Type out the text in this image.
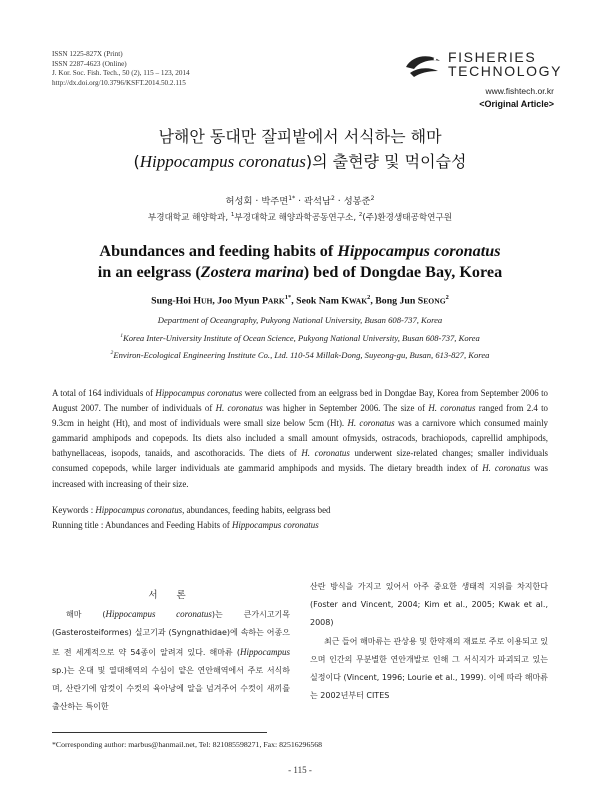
ISSN 1225-827X (Print)
ISSN 2287-4623 (Online)
J. Kor. Soc. Fish. Tech., 50 (2), 115 – 123, 2014
http://dx.doi.org/10.3796/KSFT.2014.50.2.115
FISHERIES
TECHNOLOGY
www.fishtech.or.kr
<Original Article>
남해안 동대만 잘피밭에서 서식하는 해마
(Hippocampus coronatus)의 출현량 및 먹이습성
허성회 · 박주면$^{1*}$ · 곽석남$^2$ · 성봉준$^2$
부경대학교 해양학과, $^1$부경대학교 해양과학공동연구소, $^2$(주)환경생태공학연구원
Abundances and feeding habits of Hippocampus coronatus
in an eelgrass (Zostera marina) bed of Dongdae Bay, Korea
Sung-Hoi HUH, Joo Myun $PARK^{1*}$, Seok Nam KWAK$^2$, Bong Jun SEONG$^2$
Department of Oceangraphy, Pukyong National University, Busan 608-737, Korea
$^1$Korea Inter-University Institute of Ocean Science, Pukyong National University, Busan 608-737, Korea
$^2$Environ-Ecological Engineering Institute Co., Ltd. 110-54 Millak-Dong, Suyeong-gu, Busan, 613-827, Korea
A total of 164 individuals of Hippocampus coronatus were collected from an eelgrass bed in Dongdae Bay, Korea from September 2006 to August 2007. The number of individuals of H. coronatus was higher in September 2006. The size of H. coronatus ranged from 2.4 to 9.3cm in height (Ht), and most of individuals were small size below 5cm (Ht). H. coronatus was a carnivore which consumed mainly gammarid amphipods and copepods. Its diets also included a small amount ofmysids, ostracods, brachiopods, caprellid amphipods, bathynellaceas, isopods, tanaids, and ascothoracids. The diets of H. coronatus underwent size-related changes; smaller individuals consumed copepods, while larger individuals ate gammarid amphipods and mysids. The dietary breadth index of H. coronatus was increased with increasing of their size.
Keywords : Hippocampus coronatus, abundances, feeding habits, eelgrass bed
Running title : Abundances and Feeding Habits of Hippocampus coronatus
서 론
해마 (Hippocampus coronatus)는 큰가시고기목 (Gasterosteiformes) 실고기과 (Syngnathidae)에 속하는 어종으로 전 세계적으로 약 54종이 알려져 있다. 해마류 (Hippocampus sp.)는 온대 및 열대해역의 수심이 얕은 연안해역에서 주로 서식하며, 산란기에 암컷이 수컷의 육아낭에 알을 넘겨주어 수컷이 새끼를 출산하는 특이한
산란 방식을 가지고 있어서 아주 중요한 생태적 지위를 차지한다 (Foster and Vincent, 2004; Kim et al., 2005; Kwak et al., 2008)
최근 들어 해마류는 관상용 및 한약재의 재료로 주로 이용되고 있으며 인간의 무분별한 연안개발로 인해 그 서식지가 파괴되고 있는 실정이다 (Vincent, 1996; Lourie et al., 1999). 이에 따라 해마류는 2002년부터 CITES
*Corresponding author: marbus@hanmail.net, Tel: 821085598271, Fax: 82516296568
- 115 -
